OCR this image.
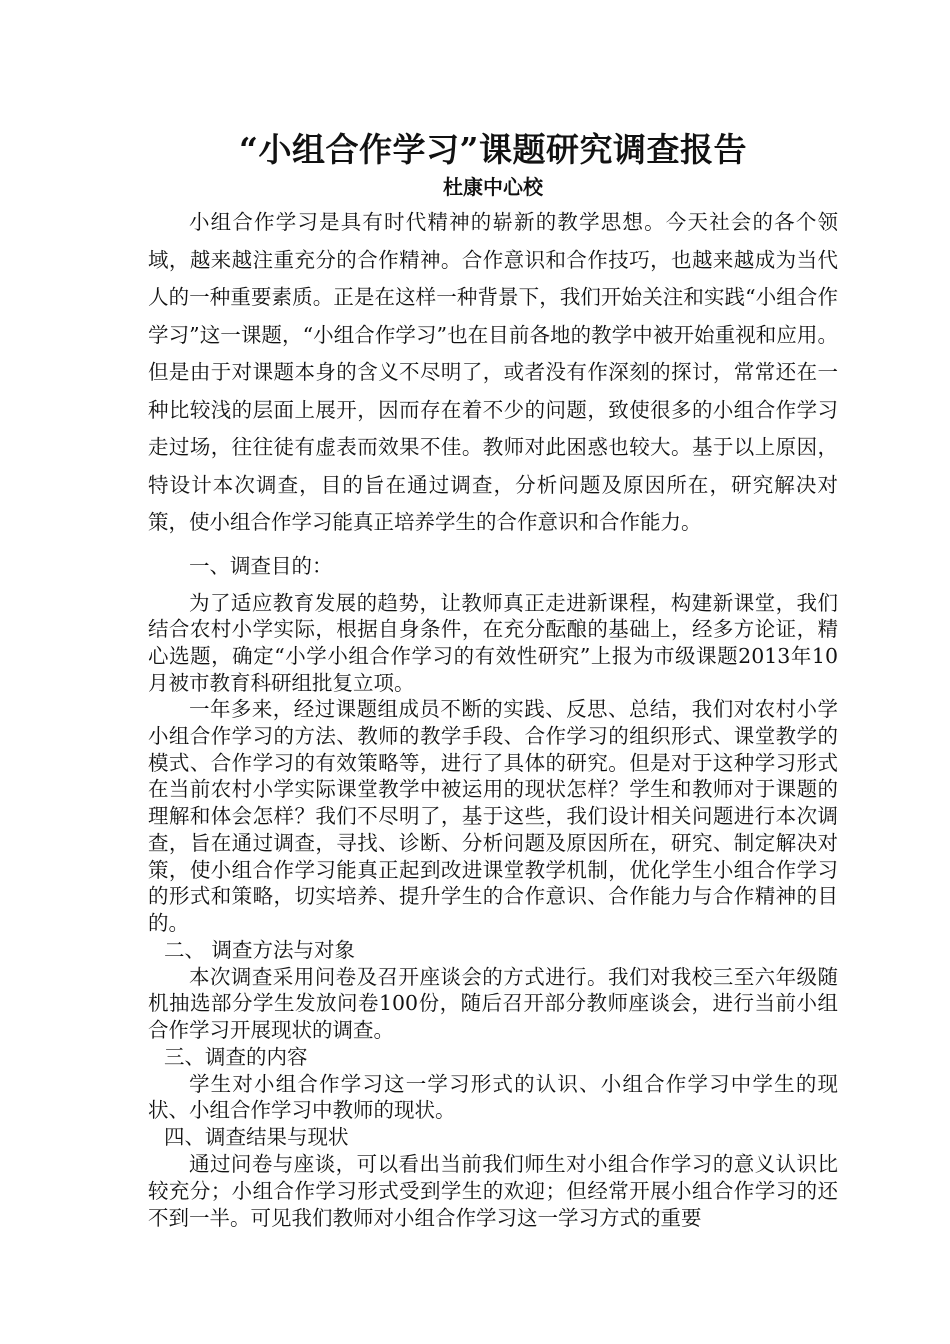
“小组合作学习”课题研究调查报告
杜康中心校

小组合作学习是具有时代精神的崭新的教学思想。今天社会的各个领域，越来越注重充分的合作精神。合作意识和合作技巧，也越来越成为当代人的一种重要素质。正是在这样一种背景下，我们开始关注和实践“小组合作学习”这一课题，“小组合作学习”也在目前各地的教学中被开始重视和应用。但是由于对课题本身的含义不尽明了，或者没有作深刻的探讨，常常还在一种比较浅的层面上展开，因而存在着不少的问题，致使很多的小组合作学习走过场，往往徒有虚表而效果不佳。教师对此困惑也较大。基于以上原因，特设计本次调查，目的旨在通过调查，分析问题及原因所在，研究解决对策，使小组合作学习能真正培养学生的合作意识和合作能力。

一、调查目的：

为了适应教育发展的趋势，让教师真正走进新课程，构建新课堂，我们结合农村小学实际，根据自身条件，在充分酝酿的基础上，经多方论证，精心选题，确定“小学小组合作学习的有效性研究”上报为市级课题2013年10月被市教育科研组批复立项。

一年多来，经过课题组成员不断的实践、反思、总结，我们对农村小学小组合作学习的方法、教师的教学手段、合作学习的组织形式、课堂教学的模式、合作学习的有效策略等，进行了具体的研究。但是对于这种学习形式在当前农村小学实际课堂教学中被运用的现状怎样？学生和教师对于课题的理解和体会怎样？我们不尽明了，基于这些，我们设计相关问题进行本次调查，旨在通过调查，寻找、诊断、分析问题及原因所在，研究、制定解决对策，使小组合作学习能真正起到改进课堂教学机制，优化学生小组合作学习的形式和策略，切实培养、提升学生的合作意识、合作能力与合作精神的目的。

二、 调查方法与对象

本次调查采用问卷及召开座谈会的方式进行。我们对我校三至六年级随机抽选部分学生发放问卷100份，随后召开部分教师座谈会，进行当前小组合作学习开展现状的调查。

三、调查的内容

学生对小组合作学习这一学习形式的认识、小组合作学习中学生的现状、小组合作学习中教师的现状。

四、调查结果与现状

通过问卷与座谈，可以看出当前我们师生对小组合作学习的意义认识比较充分；小组合作学习形式受到学生的欢迎；但经常开展小组合作学习的还不到一半。可见我们教师对小组合作学习这一学习方式的重要
